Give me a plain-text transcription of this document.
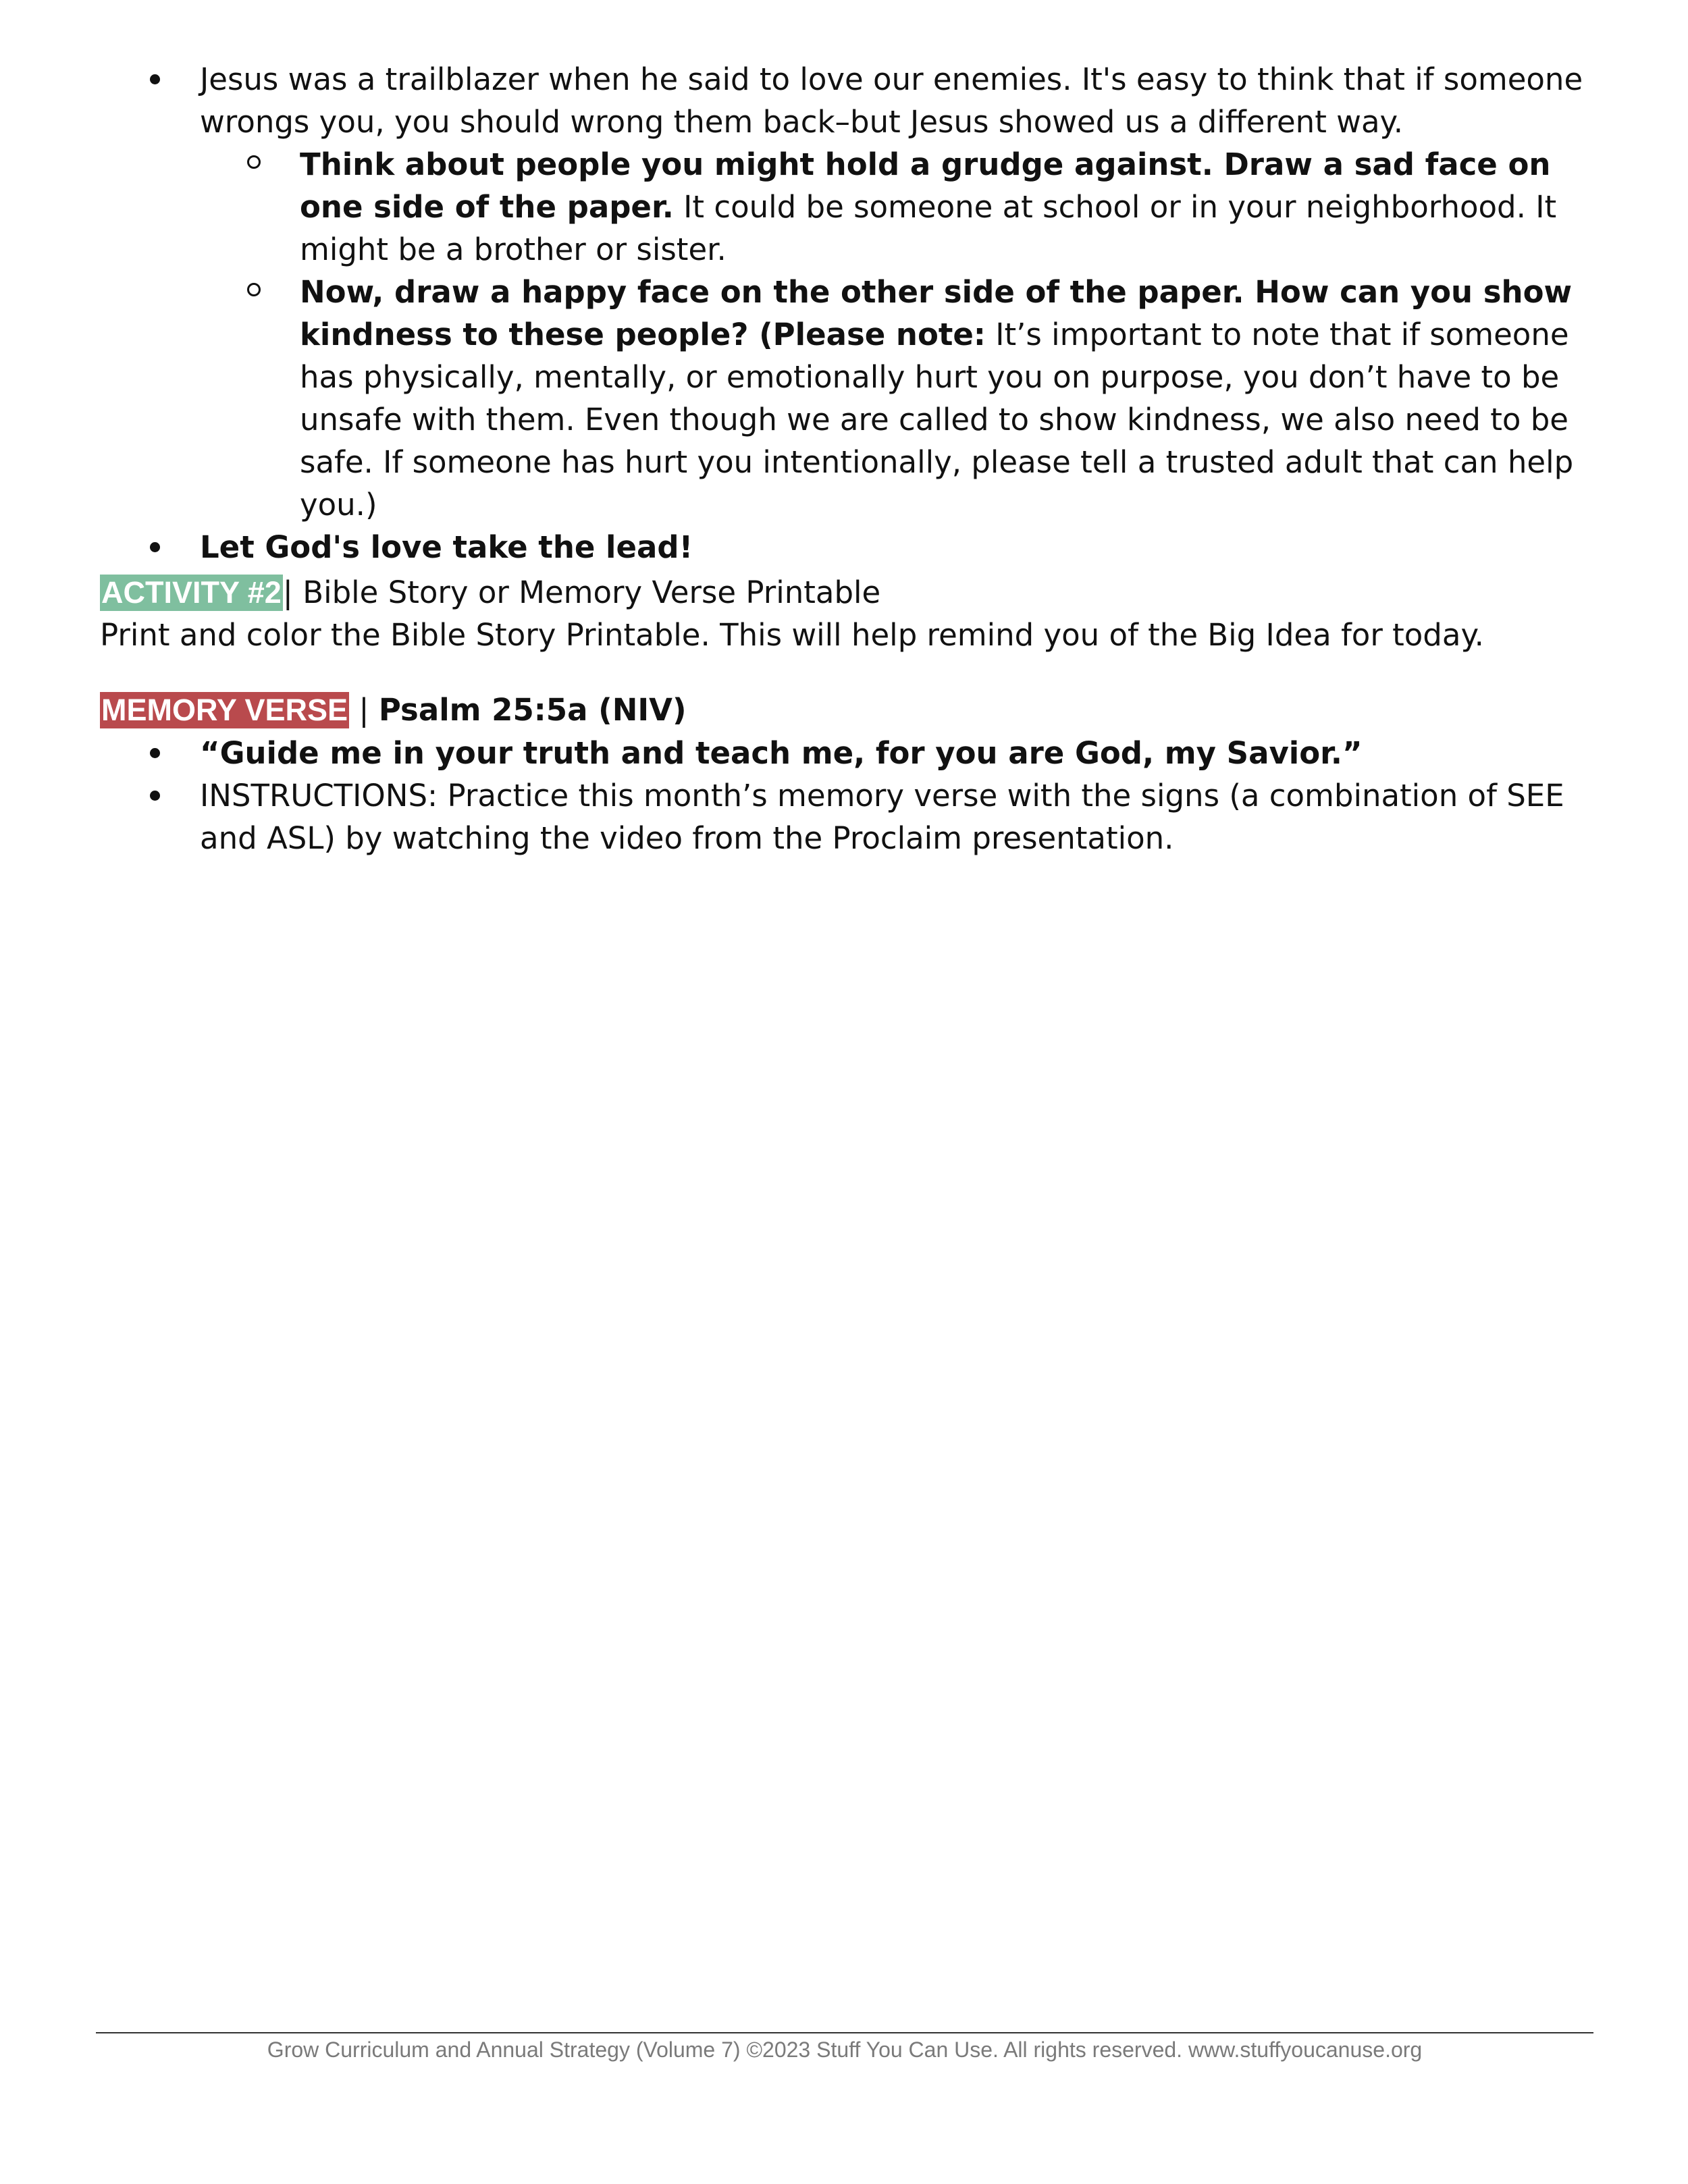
Jesus was a trailblazer when he said to love our enemies. It's easy to think that if someone wrongs you, you should wrong them back–but Jesus showed us a different way.
Think about people you might hold a grudge against. Draw a sad face on one side of the paper. It could be someone at school or in your neighborhood. It might be a brother or sister.
Now, draw a happy face on the other side of the paper. How can you show kindness to these people? (Please note: It’s important to note that if someone has physically, mentally, or emotionally hurt you on purpose, you don’t have to be unsafe with them. Even though we are called to show kindness, we also need to be safe. If someone has hurt you intentionally, please tell a trusted adult that can help you.)
Let God's love take the lead!
ACTIVITY #2| Bible Story or Memory Verse Printable
Print and color the Bible Story Printable. This will help remind you of the Big Idea for today.
MEMORY VERSE | Psalm 25:5a (NIV)
“Guide me in your truth and teach me, for you are God, my Savior.”
INSTRUCTIONS: Practice this month’s memory verse with the signs (a combination of SEE and ASL) by watching the video from the Proclaim presentation.
Grow Curriculum and Annual Strategy (Volume 7) ©2023 Stuff You Can Use. All rights reserved. www.stuffyoucanuse.org
